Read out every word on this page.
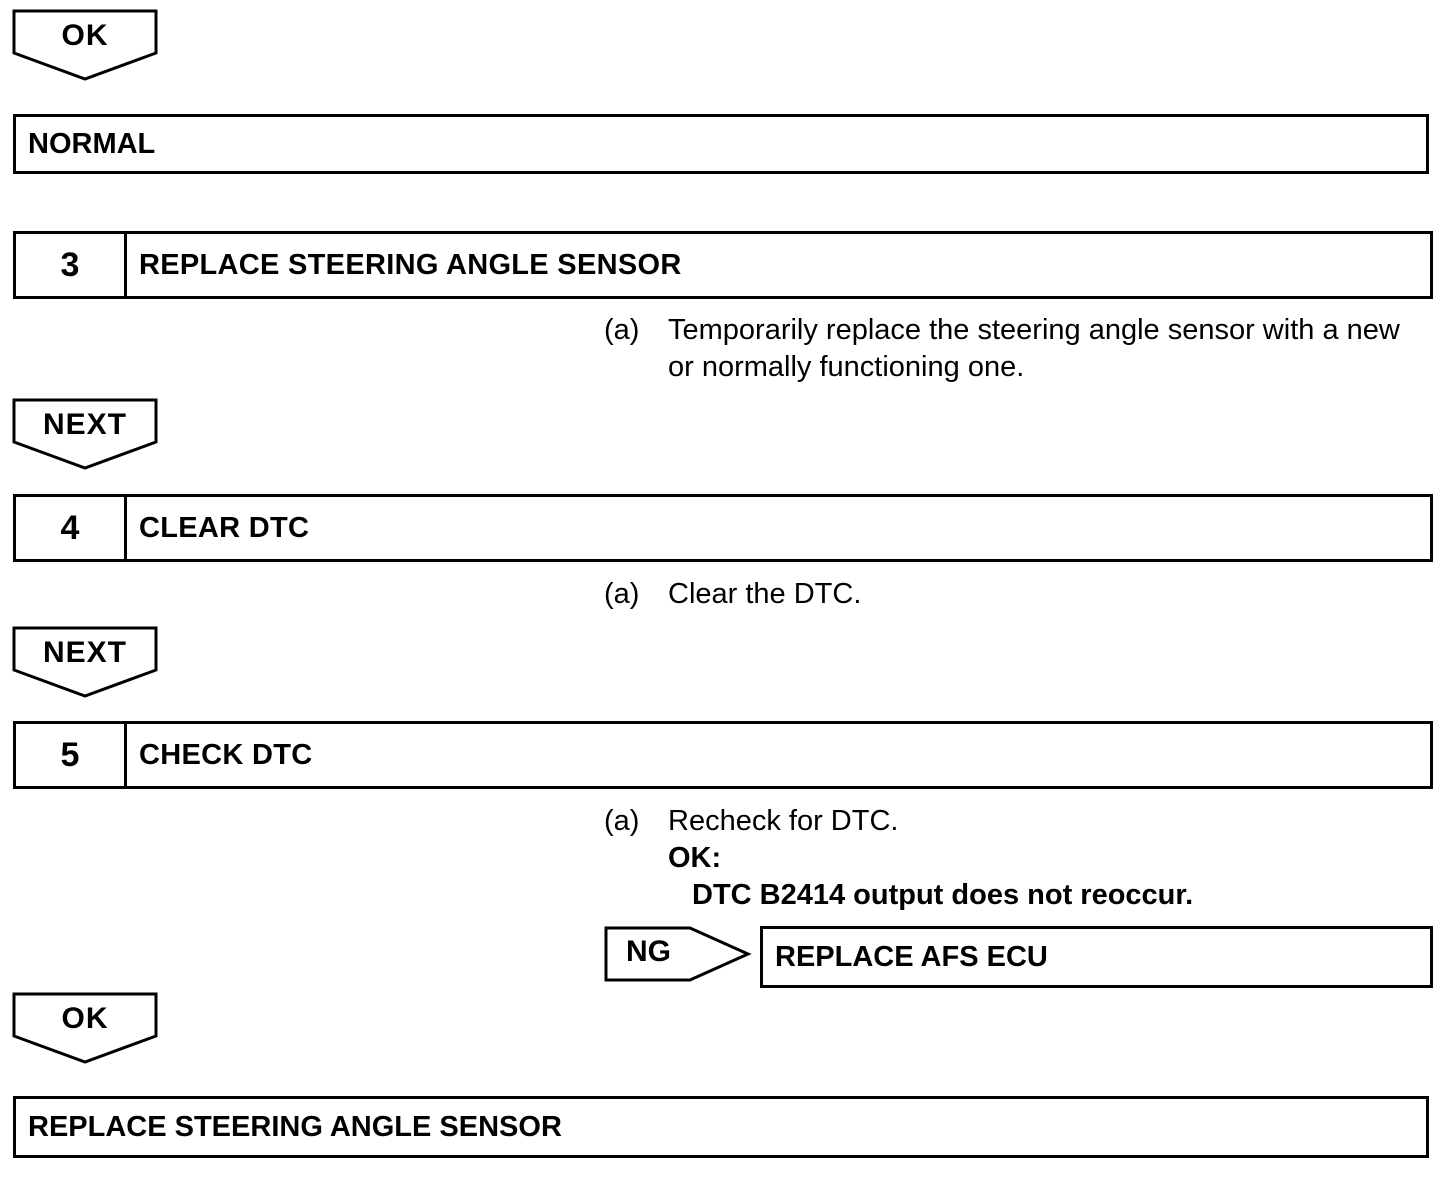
OK
NORMAL
3	REPLACE STEERING ANGLE SENSOR
(a) Temporarily replace the steering angle sensor with a new
or normally functioning one.
NEXT
4	CLEAR DTC
(a) Clear the DTC.
NEXT
5	CHECK DTC
(a) Recheck for DTC.
OK:
DTC B2414 output does not reoccur.
NG	REPLACE AFS ECU
OK
REPLACE STEERING ANGLE SENSOR
